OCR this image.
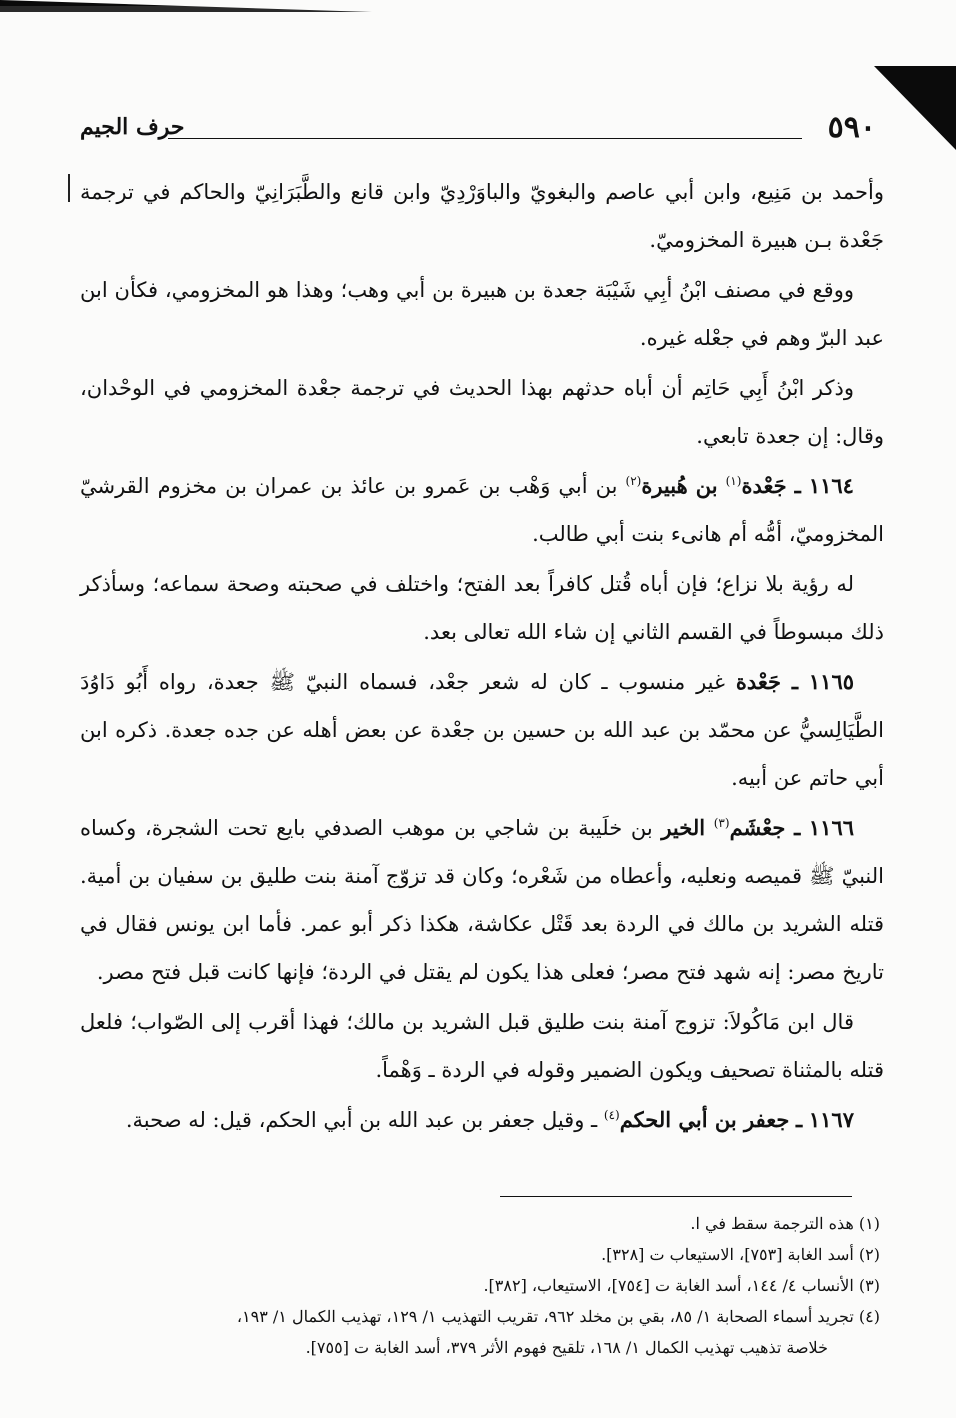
٥٩٠
حرف الجيم

وأحمد بن مَنِيع، وابن أبي عاصم والبغويّ والباوَرْدِيّ وابن قانع والطَّبَرَانِيّ والحاكم في ترجمة جَعْدة بـن هبيرة المخزوميّ.

ووقع في مصنف ابْنُ أبِي شَيْبَة جعدة بن هبيرة بن أبي وهب؛ وهذا هو المخزومي، فكأن ابن عبد البرّ وهم في جعْله غيره.

وذكر ابْنُ أَبِي حَاتِم أن أباه حدثهم بهذا الحديث في ترجمة جعْدة المخزومي في الوحْدان، وقال: إن جعدة تابعي.

١١٦٤ ـ جَعْدة$^{(١)}$ بن هُبيرة$^{(٢)}$ بن أبي وَهْب بن عَمرو بن عائذ بن عمران بن مخزوم القرشيّ المخزوميّ، أمُّه أم هانىء بنت أبي طالب.

له رؤية بلا نزاع؛ فإن أباه قُتل كافراً بعد الفتح؛ واختلف في صحبته وصحة سماعه؛ وسأذكر ذلك مبسوطاً في القسم الثاني إن شاء الله تعالى بعد.

١١٦٥ ـ جَعْدة غير منسوب ـ كان له شعر جعْد، فسماه النبيّ ﷺ جعدة، رواه أَبُو دَاوُدَ الطَّيَالِسيُّ عن محمّد بن عبد الله بن حسين بن جعْدة عن بعض أهله عن جده جعدة. ذكره ابن أبي حاتم عن أبيه.

١١٦٦ ـ جعْشَم$^{(٣)}$ الخير بن خلَيبة بن شاجي بن موهب الصدفي بايع تحت الشجرة، وكساه النبيّ ﷺ قميصه ونعليه، وأعطاه من شَعْره؛ وكان قد تزوّج آمنة بنت طليق بن سفيان بن أمية. قتله الشريد بن مالك في الردة بعد قَتْل عكاشة، هكذا ذكر أبو عمر. فأما ابن يونس فقال في تاريخ مصر: إنه شهد فتح مصر؛ فعلى هذا يكون لم يقتل في الردة؛ فإنها كانت قبل فتح مصر.

قال ابن مَاكُولاَ: تزوج آمنة بنت طليق قبل الشريد بن مالك؛ فهذا أقرب إلى الصّواب؛ فلعل قتله بالمثناة تصحيف ويكون الضمير وقوله في الردة ـ وَهْماً.

١١٦٧ ـ جعفر بن أبي الحكم$^{(٤)}$ ـ وقيل جعفر بن عبد الله بن أبي الحكم، قيل: له صحبة.

(١) هذه الترجمة سقط في ا.
(٢) أسد الغابة [٧٥٣]، الاستيعاب ت [٣٢٨].
(٣) الأنساب ٤/ ١٤٤، أسد الغابة ت [٧٥٤]، الاستيعاب، [٣٨٢].
(٤) تجريد أسماء الصحابة ١/ ٨٥، بقي بن مخلد ٩٦٢، تقريب التهذيب ١/ ١٢٩، تهذيب الكمال ١/ ١٩٣،
خلاصة تذهيب تهذيب الكمال ١/ ١٦٨، تلقيح فهوم الأثر ٣٧٩، أسد الغابة ت [٧٥٥].
